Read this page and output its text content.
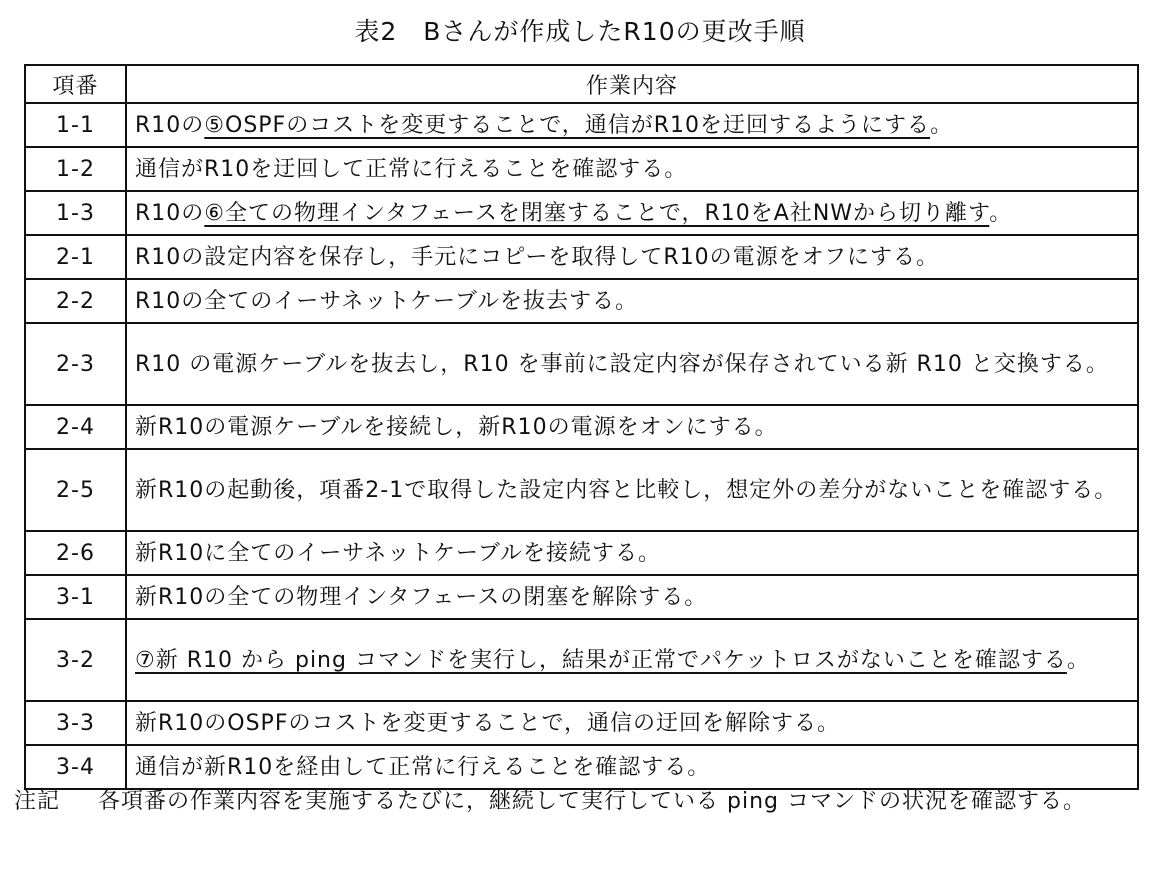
表2　Bさんが作成したR10の更改手順
項番	作業内容
1-1	R10の⑤OSPFのコストを変更することで，通信がR10を迂回するようにする。
1-2	通信がR10を迂回して正常に行えることを確認する。
1-3	R10の⑥全ての物理インタフェースを閉塞することで，R10をA社NWから切り離す。
2-1	R10の設定内容を保存し，手元にコピーを取得してR10の電源をオフにする。
2-2	R10の全てのイーサネットケーブルを抜去する。
2-3	R10 の電源ケーブルを抜去し，R10 を事前に設定内容が保存されている新 R10 と交換する。
2-4	新R10の電源ケーブルを接続し，新R10の電源をオンにする。
2-5	新R10の起動後，項番2-1で取得した設定内容と比較し，想定外の差分がないことを確認する。
2-6	新R10に全てのイーサネットケーブルを接続する。
3-1	新R10の全ての物理インタフェースの閉塞を解除する。
3-2	⑦新 R10 から ping コマンドを実行し，結果が正常でパケットロスがないことを確認する。
3-3	新R10のOSPFのコストを変更することで，通信の迂回を解除する。
3-4	通信が新R10を経由して正常に行えることを確認する。
注記 各項番の作業内容を実施するたびに，継続して実行している ping コマンドの状況を確認する。
